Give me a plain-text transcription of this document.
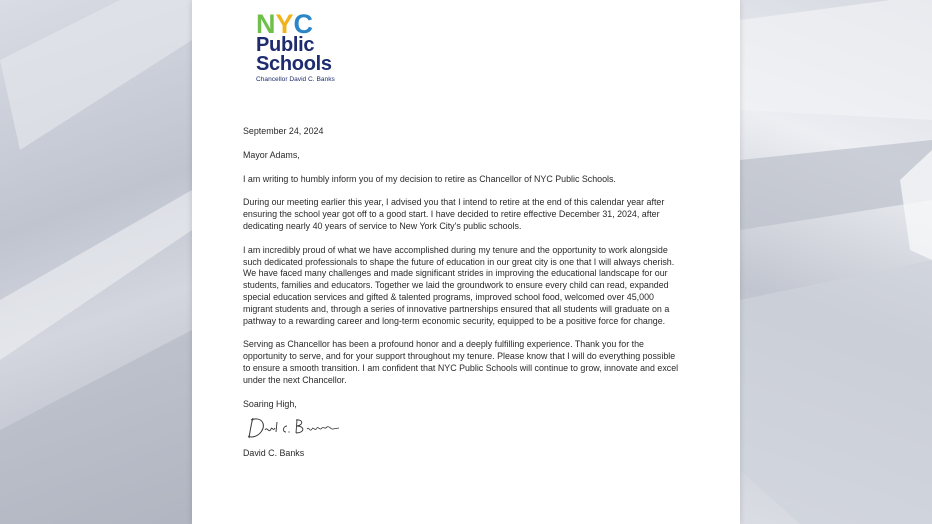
N Y C
Public
Schools
Chancellor David C. Banks

September 24, 2024

Mayor Adams,

I am writing to humbly inform you of my decision to retire as Chancellor of NYC Public Schools.

During our meeting earlier this year, I advised you that I intend to retire at the end of this calendar year after ensuring the school year got off to a good start. I have decided to retire effective December 31, 2024, after dedicating nearly 40 years of service to New York City's public schools.

I am incredibly proud of what we have accomplished during my tenure and the opportunity to work alongside such dedicated professionals to shape the future of education in our great city is one that I will always cherish. We have faced many challenges and made significant strides in improving the educational landscape for our students, families and educators. Together we laid the groundwork to ensure every child can read, expanded special education services and gifted & talented programs, improved school food, welcomed over 45,000 migrant students and, through a series of innovative partnerships ensured that all students will graduate on a pathway to a rewarding career and long-term economic security, equipped to be a positive force for change.

Serving as Chancellor has been a profound honor and a deeply fulfilling experience. Thank you for the opportunity to serve, and for your support throughout my tenure. Please know that I will do everything possible to ensure a smooth transition. I am confident that NYC Public Schools will continue to grow, innovate and excel under the next Chancellor.

Soaring High,

David C. Banks
